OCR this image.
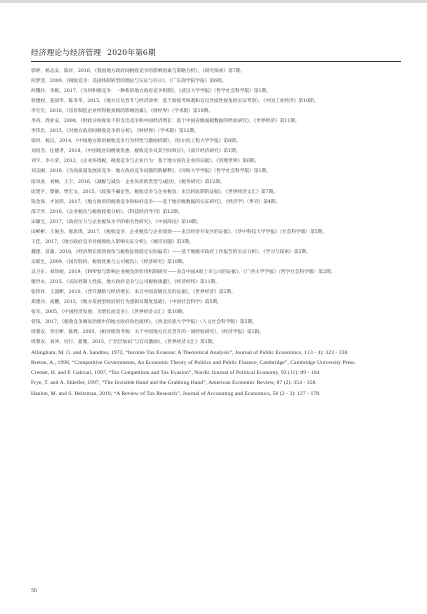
经济理论与经济管理 2020年第6期
郭婷、杨志安、陈祥，2016，《我国地方政府间税收竞争的影响因素与策略分析》，《研究探索》第7期。
何梦莹，2009，《税收竞争：美国体制转型的理论与实证与启示》，《广东商学院学报》第6期。
何魏玲、李妮，2017，《为何积极竞争：一种新的地方政府竞争机制》，《武汉大学学报》（哲学社会科学版）第1期。
蒋德权、姜国华、陈冬华，2015，《地方官员晋升与经济效率：基于政绩考核观和官员异质性视角的实证考察》，《中国工业经济》第10期。
李宏宏，2016，《房价制造企业所得税真相的影响因素》，《财经界》（学术版）第10期。
李涛、周业安，2008，《财政分权视角下的支出竞争和中国经济增长：基于中国省级面板数据的经验研究》，《世界经济》第11期。
李伟忠，2015，《对地方政府间税收竞争的分析》，《财经界》（学术版）第12期。
梁河、杨汉，2014，《中国地方政府税收竞争行为特性与激励机制》，《哈尔滨工程大学学报》第8期。
刘清杰、任德孝，2018，《中国地区间税收优惠、税收竞争及其空间效应》，《南开经济研究》第1期。
刘宇、李小荣，2012，《企业环境税、税收竞争与企业行为：基于地方国有企业的证据》，《管理世界》第6期。
刘志刚，2016，《为高质量发展而竞争：地方政府竞争问题的新解释》，《河海大学学报》（哲学社会科学版）第1期。
庞凤喜、刘畅、王丰，2016，《减税与减负：企业负担的类型与成因》，《税务研究》第12期。
庞建平、黎静、贾宏文，2015，《政策不确定性、税收竞争与企业税负：来自转轨期的证据》，《世界经济文汇》第7期。
钱金保、才国伟，2017，《地方政府的税收竞争和标杆竞争——基于地市级数据的实证研究》，《经济学》（季刊）第4期。
邵丰华、2016，《企业税负与税收政策分析》，《科技经济导刊》第12期。
宋颖宝，2017，《政府压力与企业税负水平的相关性研究》，《中国商论》第10期。
田彬彬、王俊杰、邢思琪，2017，《税收竞争、企业税负与企业绩效——来自经济开发区的证据》，《华中科技大学学报》（社会科学版）第5期。
王佳，2017，《地方政府竞争对税收收入影响实证分析》，《城市问题》第3期。
魏建、苗蒲，2018，《经济增长绩效视角与税收征收稳定实际偏差》——基于地级市政府工作报告的实证分析》，《学习与探索》第3期。
吴联生，2009，《国有股权、税收优惠与公司税负》，《经济研究》第10期。
吴卫东、刘珍妮，2019，《PPP参与影响企业税负的作用机制研究——来自中国A股上市公司的证据》，《广西大学学报》（哲学社会科学版）第2期。
谢世永，2015，《实际控制人性质、地方政府竞争与公司税收规避》，《经济经纬》第11期。
张炜祥、王譞彬，2010，《晋升激励与经济增长：来自中国省级官员的证据》，《世界经济》第2期。
郑建功、高鹏，2012，《地方发展型政府的行为逻辑及制度基础》，《中国社会科学》第5期。
张军，2005，《中国经济发展：为增长而竞争》，《世界经济文汇》第10期。
曾钱，2017，《税收竞争阀易治理中的地方政府角色演绎》，《西北民族大学学报》（人文社会科学版）第5期。
周黎安、李宏彬、陈烨，2005，《相对绩效考核：关于中国地方官员晋升的一项经验研究》，《经济学报》第1辑。
周黎安、刘冲、厉行、翟雅，2015，《“层层加码”与官员激励》，《世界经济文汇》第1期。
Allingham, M. G. and A. Sandmo, 1972, “Income Tax Evasion: A Theoretical Analysis”, Journal of Public Economics, 1 (3 - 4): 323 - 338.
Breton, A., 1998, “Competitive Governments, An Economic Theory of Politics and Public Finance, Cambridge”, Cambridge University Press.
Cremer, H. and F. Gahvari, 1997, “Tax Competition and Tax Evasion”, Nordic Journal of Political Economy, 93 (11): 89 - 104.
Frye, T. and A. Shleifer, 1997, “The Invisible Hand and the Grabbing Hand”, American Economic Review, 87 (2): 354 - 358.
Hanlon, M. and S. Heitzman, 2010, “A Review of Tax Research”, Journal of Accounting and Economics, 50 (2 - 3): 127 - 178.
56
